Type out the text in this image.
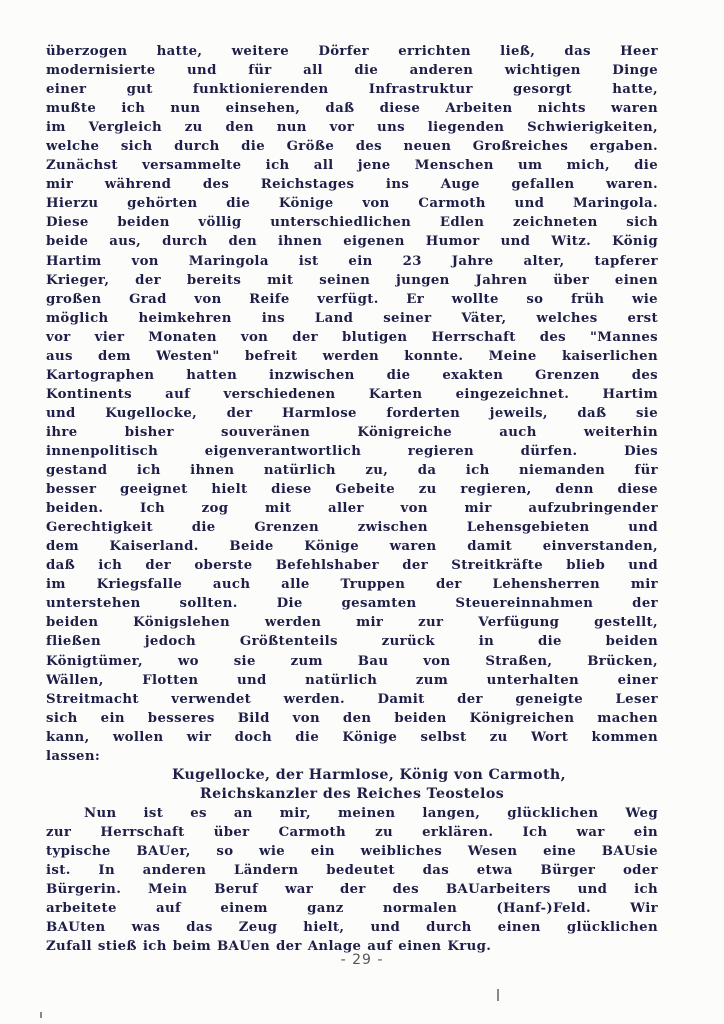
überzogen hatte, weitere Dörfer errichten ließ, das Heer
modernisierte und für all die anderen wichtigen Dinge
einer gut funktionierenden Infrastruktur gesorgt hatte,
mußte ich nun einsehen, daß diese Arbeiten nichts waren
im Vergleich zu den nun vor uns liegenden Schwierigkeiten,
welche sich durch die Größe des neuen Großreiches ergaben.
Zunächst versammelte ich all jene Menschen um mich, die
mir während des Reichstages ins Auge gefallen waren.
Hierzu gehörten die Könige von Carmoth und Maringola.
Diese beiden völlig unterschiedlichen Edlen zeichneten sich
beide aus, durch den ihnen eigenen Humor und Witz. König
Hartim von Maringola ist ein 23 Jahre alter, tapferer
Krieger, der bereits mit seinen jungen Jahren über einen
großen Grad von Reife verfügt. Er wollte so früh wie
möglich heimkehren ins Land seiner Väter, welches erst
vor vier Monaten von der blutigen Herrschaft des "Mannes
aus dem Westen" befreit werden konnte. Meine kaiserlichen
Kartographen hatten inzwischen die exakten Grenzen des
Kontinents auf verschiedenen Karten eingezeichnet. Hartim
und Kugellocke, der Harmlose forderten jeweils, daß sie
ihre bisher souveränen Königreiche auch weiterhin
innenpolitisch eigenverantwortlich regieren dürfen. Dies
gestand ich ihnen natürlich zu, da ich niemanden für
besser geeignet hielt diese Gebeite zu regieren, denn diese
beiden. Ich zog mit aller von mir aufzubringender
Gerechtigkeit die Grenzen zwischen Lehensgebieten und
dem Kaiserland. Beide Könige waren damit einverstanden,
daß ich der oberste Befehlshaber der Streitkräfte blieb und
im Kriegsfalle auch alle Truppen der Lehensherren mir
unterstehen sollten. Die gesamten Steuereinnahmen der
beiden Königslehen werden mir zur Verfügung gestellt,
fließen jedoch Größtenteils zurück in die beiden
Königtümer, wo sie zum Bau von Straßen, Brücken,
Wällen, Flotten und natürlich zum unterhalten einer
Streitmacht verwendet werden. Damit der geneigte Leser
sich ein besseres Bild von den beiden Königreichen machen
kann, wollen wir doch die Könige selbst zu Wort kommen
lassen:
Kugellocke, der Harmlose, König von Carmoth,
Reichskanzler des Reiches Teostelos
Nun ist es an mir, meinen langen, glücklichen Weg
zur Herrschaft über Carmoth zu erklären. Ich war ein
typische BAUer, so wie ein weibliches Wesen eine BAUsie
ist. In anderen Ländern bedeutet das etwa Bürger oder
Bürgerin. Mein Beruf war der des BAUarbeiters und ich
arbeitete auf einem ganz normalen (Hanf-)Feld. Wir
BAUten was das Zeug hielt, und durch einen glücklichen
Zufall stieß ich beim BAUen der Anlage auf einen Krug.
- 29 -
